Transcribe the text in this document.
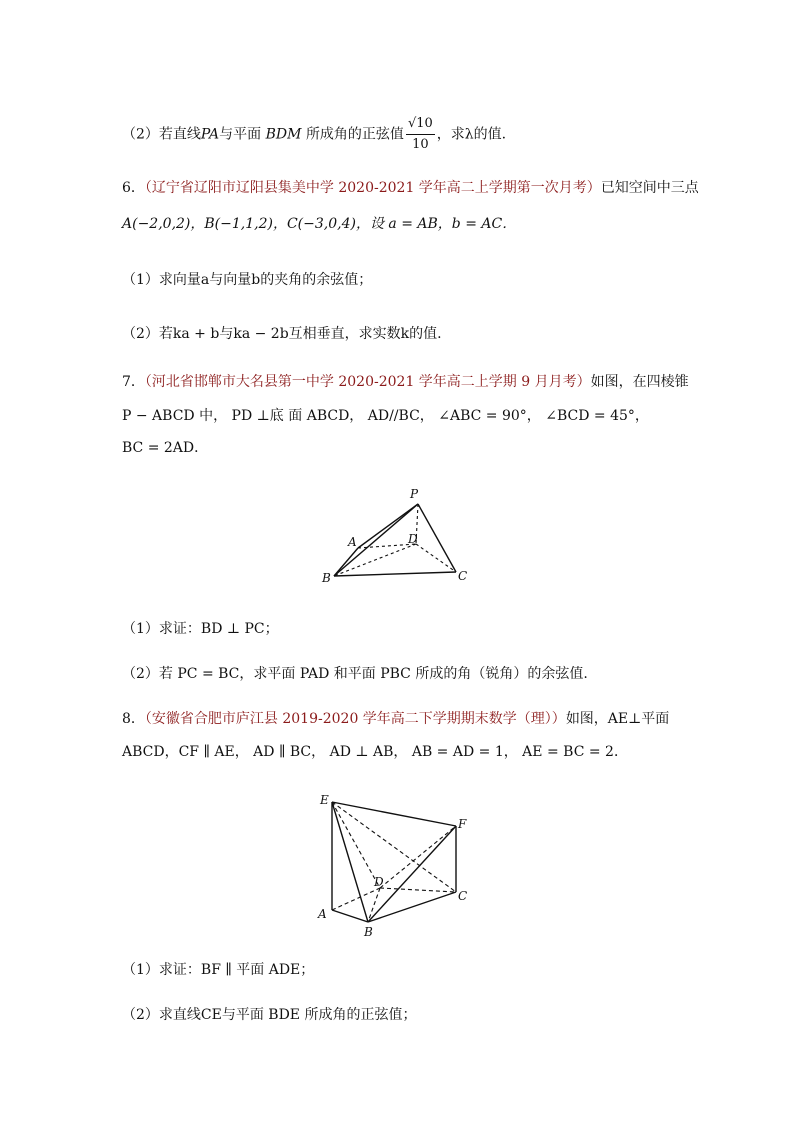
（2）若直线PA与平面 BDM 所成角的正弦值 $\frac{√10}{10}$ ，求λ的值.
6．（辽宁省辽阳市辽阳县集美中学 2020-2021 学年高二上学期第一次月考）已知空间中三点
A(−2,0,2)，B(−1,1,2)，C(−3,0,4)，设 a = AB，b = AC．
（1）求向量a与向量b的夹角的余弦值；
（2）若ka + b与ka − 2b互相垂直，求实数k的值.
7．（河北省邯郸市大名县第一中学 2020-2021 学年高二上学期 9 月月考）如图，在四棱锥
P − ABCD 中， PD ⊥底 面 ABCD， AD//BC， ∠ABC = 90°， ∠BCD = 45°，
BC = 2AD．
P
A	D
B	C
（1）求证：BD ⊥ PC；
（2）若 PC = BC，求平面 PAD 和平面 PBC 所成的角（锐角）的余弦值.
8．（安徽省合肥市庐江县 2019-2020 学年高二下学期期末数学（理））如图，AE⊥平面
ABCD，CF ∥ AE， AD ∥ BC， AD ⊥ AB， AB = AD = 1， AE = BC = 2．
E
F
D
C
A
B
（1）求证：BF ∥ 平面 ADE；
（2）求直线CE与平面 BDE 所成角的正弦值；
